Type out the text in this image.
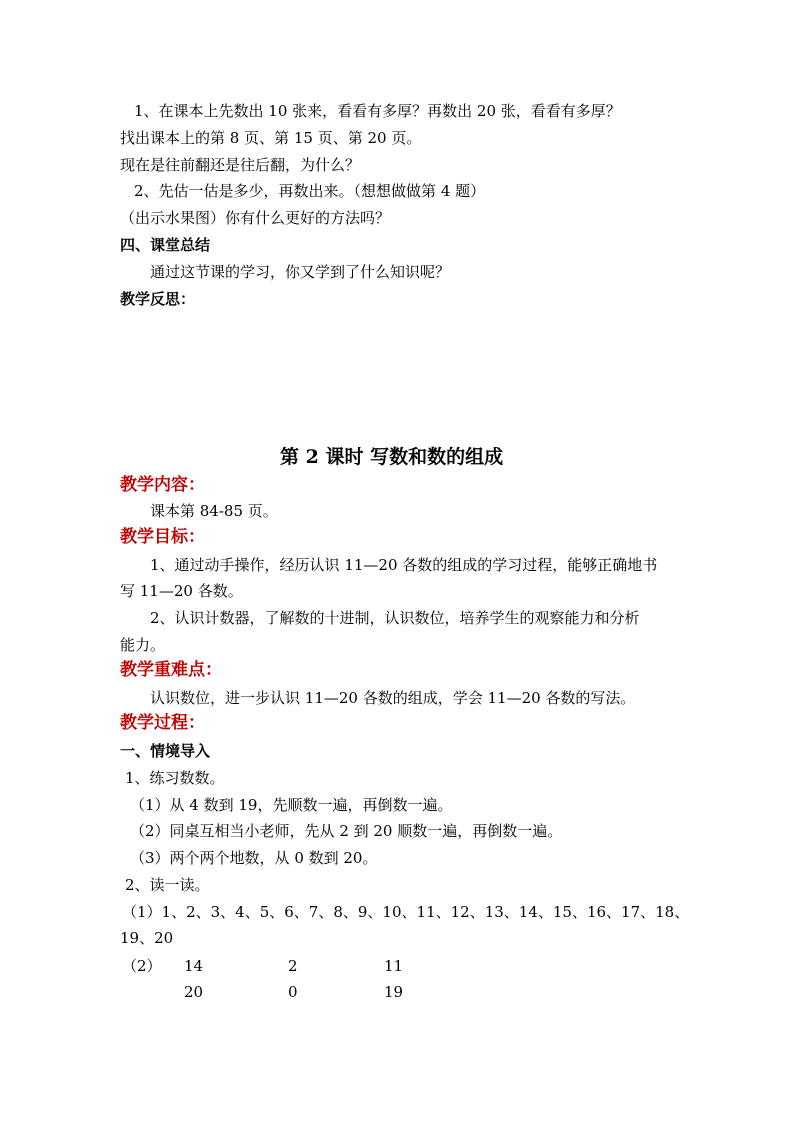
1、在课本上先数出 10 张来，看看有多厚？再数出 20 张，看看有多厚？
找出课本上的第 8 页、第 15 页、第 20 页。
现在是往前翻还是往后翻，为什么？
2、先估一估是多少，再数出来。（想想做做第 4 题）
（出示水果图）你有什么更好的方法吗？
四、课堂总结
通过这节课的学习，你又学到了什么知识呢？
教学反思：
第 2 课时 写数和数的组成
教学内容：
课本第 84-85 页。
教学目标：
1、通过动手操作，经历认识 11—20 各数的组成的学习过程，能够正确地书
写 11—20 各数。
2、认识计数器，了解数的十进制，认识数位，培养学生的观察能力和分析
能力。
教学重难点：
认识数位，进一步认识 11—20 各数的组成，学会 11—20 各数的写法。
教学过程：
一、情境导入
1、练习数数。
（1）从 4 数到 19，先顺数一遍，再倒数一遍。
（2）同桌互相当小老师，先从 2 到 20 顺数一遍，再倒数一遍。
（3）两个两个地数，从 0 数到 20。
2、读一读。
（1）1、2、3、4、5、6、7、8、9、10、11、12、13、14、15、16、17、18、
19、20
（2） 14	2	11
20	0	19
